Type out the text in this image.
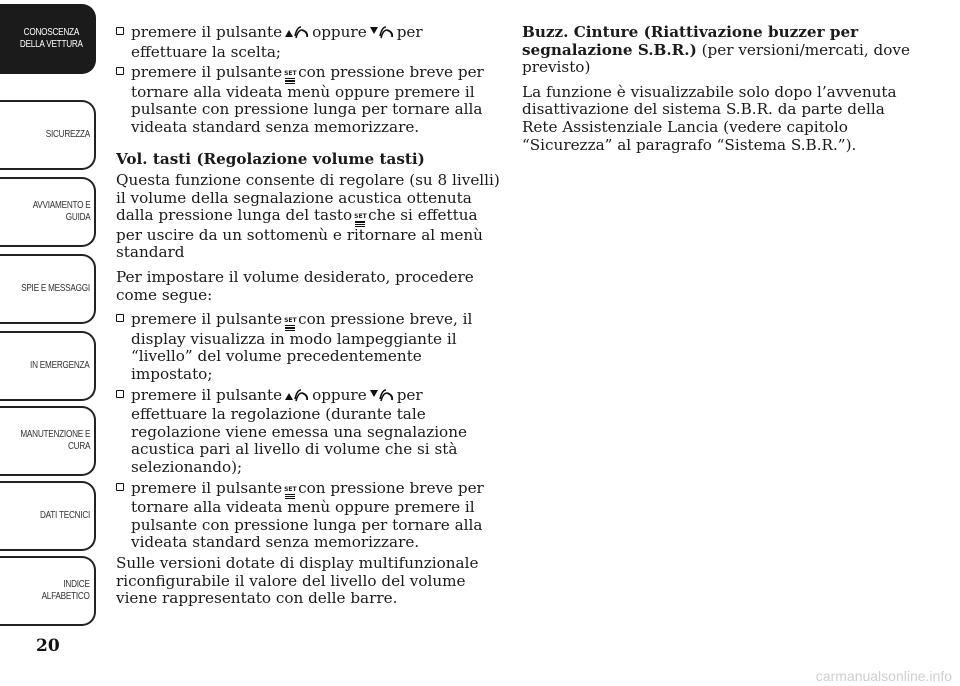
CONOSCENZA
DELLA VETTURA
SICUREZZA
AVVIAMENTO E
GUIDA
SPIE E MESSAGGI
IN EMERGENZA
MANUTENZIONE E
CURA
DATI TECNICI
INDICE
ALFABETICO
20
premere il pulsante oppure per effettuare la scelta;
premere il pulsante SET
con pressione breve per tornare alla videata menù oppure premere il pulsante con pressione lunga per tornare alla videata standard senza memorizzare.
Vol. tasti (Regolazione volume tasti)

Questa funzione consente di regolare (su 8 livelli) il volume della segnalazione acustica ottenuta dalla pressione lunga del tasto SET
che si effettua per uscire da un sottomenù e ritornare al menù standard

Per impostare il volume desiderato, procedere come segue:

premere il pulsante SET
con pressione breve, il display visualizza in modo lampeggiante il “livello” del volume precedentemente impostato;
premere il pulsante oppure per effettuare la regolazione (durante tale regolazione viene emessa una segnalazione acustica pari al livello di volume che si stà selezionando);
premere il pulsante SET
con pressione breve per tornare alla videata menù oppure premere il pulsante con pressione lunga per tornare alla videata standard senza memorizzare.

Sulle versioni dotate di display multifunzionale riconfigurabile il valore del livello del volume viene rappresentato con delle barre.

Buzz. Cinture (Riattivazione buzzer per segnalazione S.B.R.) (per versioni/mercati, dove previsto)

La funzione è visualizzabile solo dopo l’avvenuta disattivazione del sistema S.B.R. da parte della Rete Assistenziale Lancia (vedere capitolo “Sicurezza” al paragrafo “Sistema S.B.R.”).

carmanualsonline.info
